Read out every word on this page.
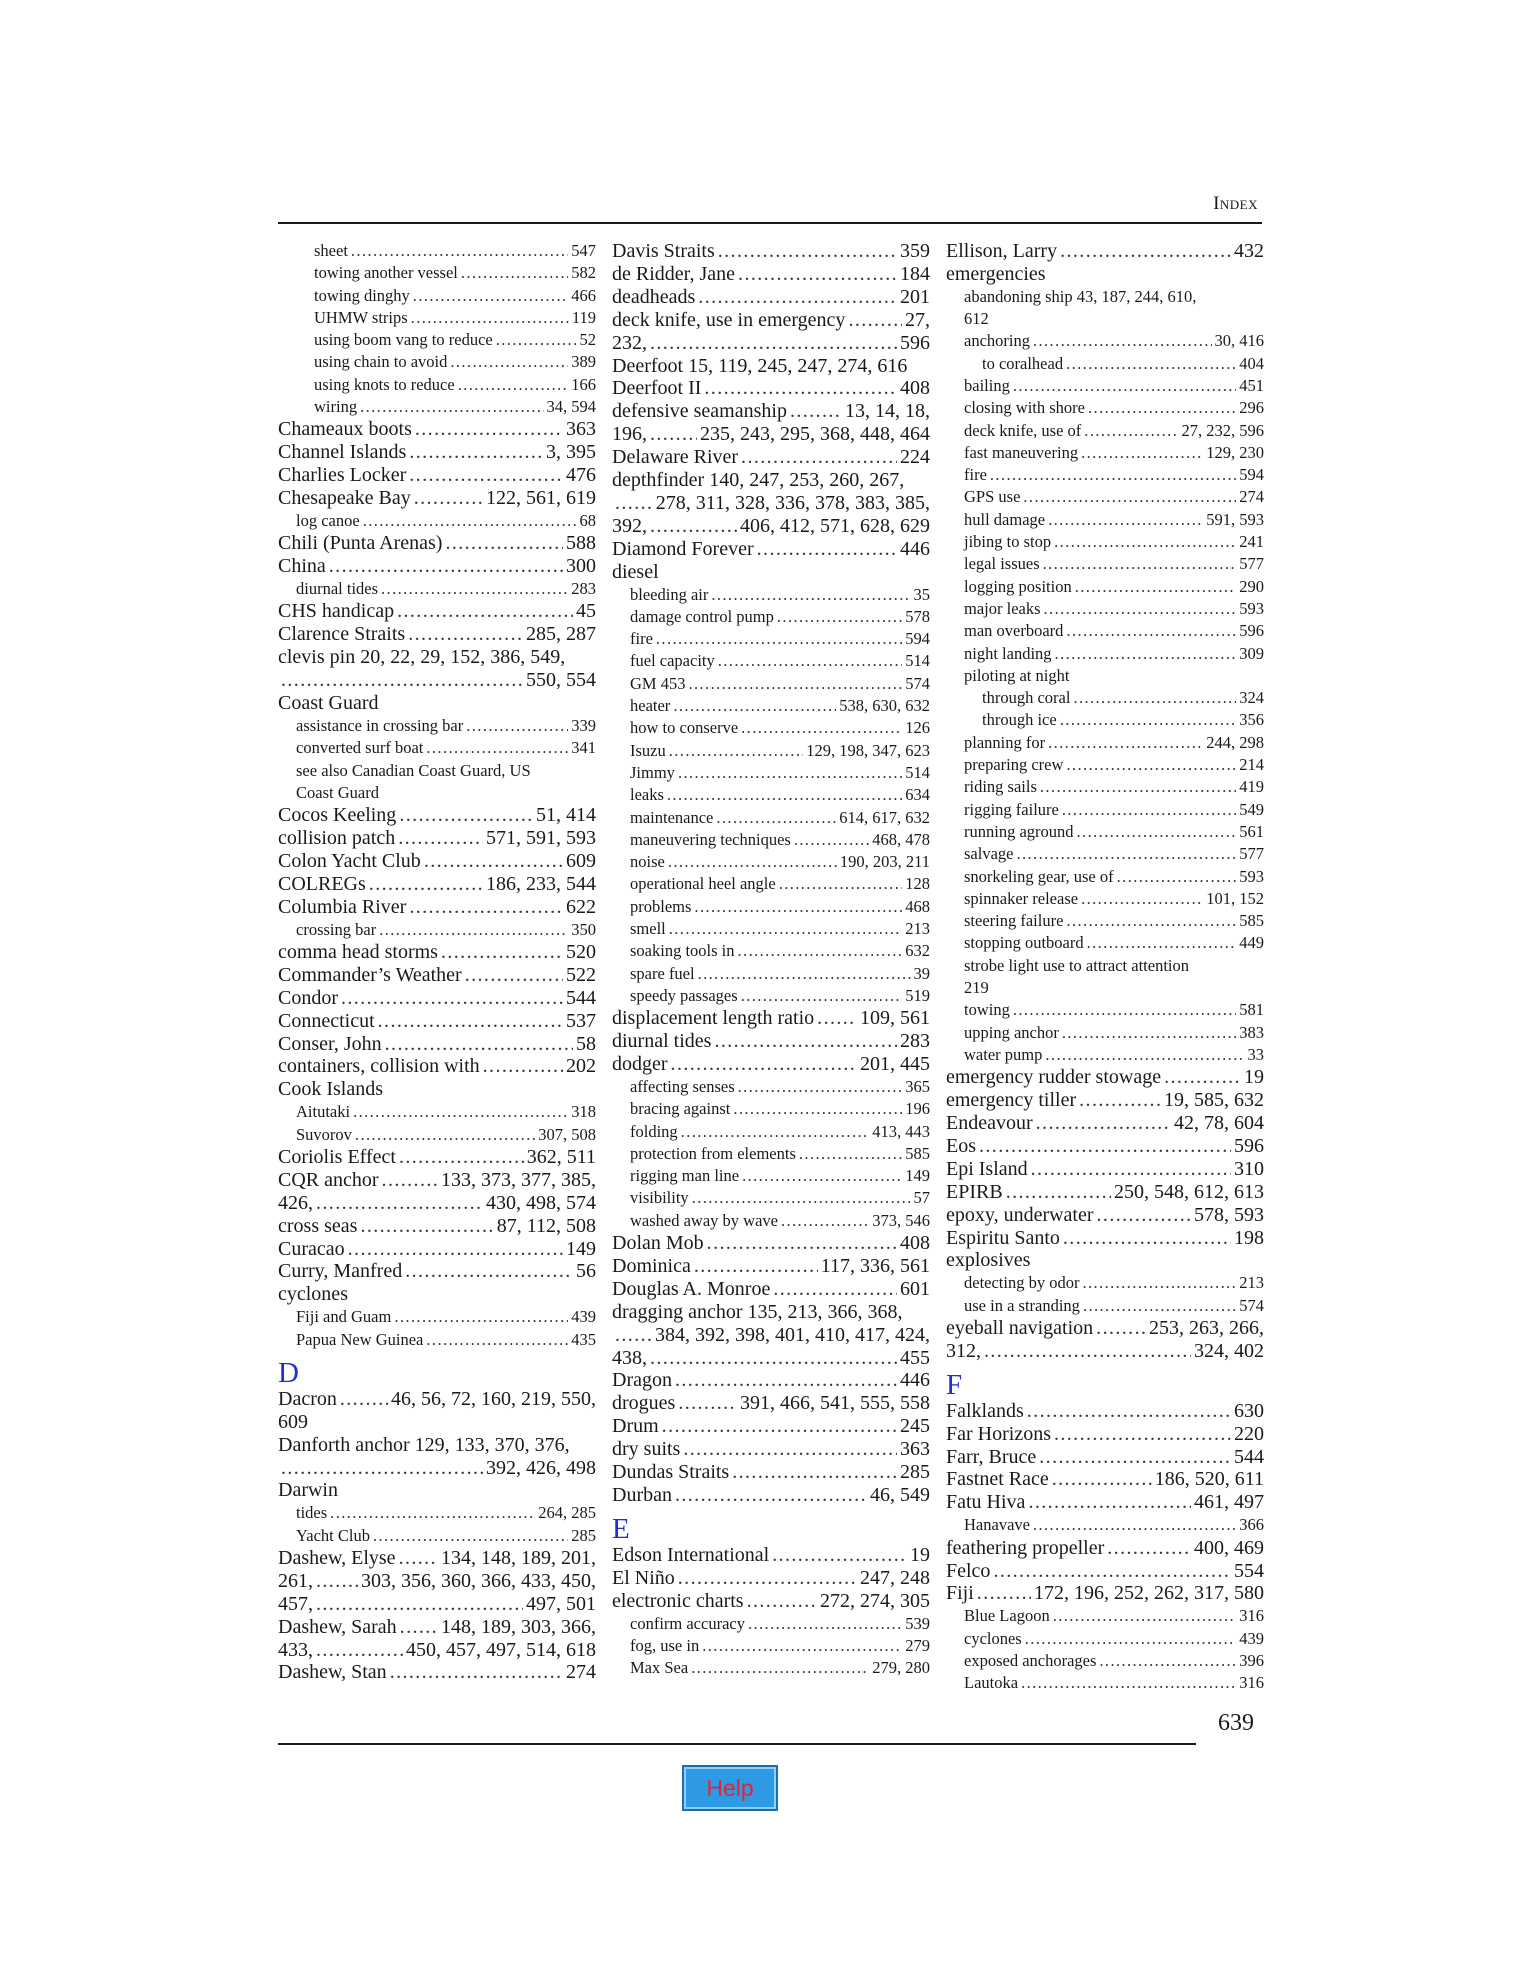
Index
sheet .....	547
towing another vessel .....	582
towing dinghy .....	466
UHMW strips .....	119
using boom vang to reduce .....	52
using chain to avoid .....	389
using knots to reduce .....	166
wiring .....	34, 594
Chameaux boots .....	363
Channel Islands .....	3, 395
Charlies Locker .....	476
Chesapeake Bay .....	122, 561, 619
log canoe .....	68
Chili (Punta Arenas) .....	588
China .....	300
diurnal tides .....	283
CHS handicap .....	45
Clarence Straits .....	285, 287
clevis pin 20, 22, 29, 152, 386, 549,
.....
550, 554
Coast Guard
assistance in crossing bar .....	339
converted surf boat .....	341
see also Canadian Coast Guard, US
Coast Guard
Cocos Keeling .....	51, 414
collision patch .....	571, 591, 593
Colon Yacht Club .....	609
COLREGs .....	186, 233, 544
Columbia River .....	622
crossing bar .....	350
comma head storms .....	520
Commander’s Weather .....	522
Condor .....	544
Connecticut .....	537
Conser, John .....	58
containers, collision with .....	202
Cook Islands
Aitutaki .....	318
Suvorov .....	307, 508
Coriolis Effect .....	362, 511
CQR anchor .....	133, 373, 377, 385,
426, .....	430, 498, 574
cross seas .....	87, 112, 508
Curacao .....	149
Curry, Manfred .....	56
cyclones
Fiji and Guam .....	439
Papua New Guinea .....	435
D
Dacron .....	46, 56, 72, 160, 219, 550,
609
Danforth anchor 129, 133, 370, 376,
.....
392, 426, 498
Darwin
tides .....	264, 285
Yacht Club .....	285
Dashew, Elyse ..... 134, 148, 189, 201,
261, ..... 303, 356, 360, 366, 433, 450,
457, .....	497, 501
Dashew, Sarah ..... 148, 189, 303, 366,
433, .....	450, 457, 497, 514, 618
Dashew, Stan .....	274
Davis Straits .....	359
de Ridder, Jane .....	184
deadheads .....	201
deck knife, use in emergency .....	27,
232, .....	596
Deerfoot 15, 119, 245, 247, 274, 616
Deerfoot II .....	408
defensive seamanship .....	13, 14, 18,
196, .....	235, 243, 295, 368, 448, 464
Delaware River .....	224
depthfinder 140, 247, 253, 260, 267,
.....
278, 311, 328, 336, 378, 383, 385,
392, .....	406, 412, 571, 628, 629
Diamond Forever .....	446
diesel
bleeding air .....	35
damage control pump .....	578
fire .....	594
fuel capacity .....	514
GM 453 .....	574
heater .....	538, 630, 632
how to conserve .....	126
Isuzu .....	129, 198, 347, 623
Jimmy .....	514
leaks .....	634
maintenance .....	614, 617, 632
maneuvering techniques .....	468, 478
noise .....	190, 203, 211
operational heel angle .....	128
problems .....	468
smell .....	213
soaking tools in .....	632
spare fuel .....	39
speedy passages .....	519
displacement length ratio ..... 109, 561
diurnal tides .....	283
dodger .....	201, 445
affecting senses .....	365
bracing against .....	196
folding .....	413, 443
protection from elements .....	585
rigging man line .....	149
visibility .....	57
washed away by wave .....	373, 546
Dolan Mob .....	408
Dominica .....	117, 336, 561
Douglas A. Monroe .....	601
dragging anchor 135, 213, 366, 368,
.....
384, 392, 398, 401, 410, 417, 424,
438, .....	455
Dragon .....	446
drogues .....	391, 466, 541, 555, 558
Drum .....	245
dry suits .....	363
Dundas Straits .....	285
Durban .....	46, 549
E
Edson International .....	19
El Niño .....	247, 248
electronic charts .....	272, 274, 305
confirm accuracy .....	539
fog, use in .....	279
Max Sea .....	279, 280
Ellison, Larry .....	432
emergencies
abandoning ship 43, 187, 244, 610,
612
anchoring .....	30, 416
to coralhead .....	404
bailing .....	451
closing with shore .....	296
deck knife, use of .....	27, 232, 596
fast maneuvering .....	129, 230
fire .....	594
GPS use .....	274
hull damage .....	591, 593
jibing to stop .....	241
legal issues .....	577
logging position .....	290
major leaks .....	593
man overboard .....	596
night landing .....	309
piloting at night
through coral .....	324
through ice .....	356
planning for .....	244, 298
preparing crew .....	214
riding sails .....	419
rigging failure .....	549
running aground .....	561
salvage .....	577
snorkeling gear, use of .....	593
spinnaker release .....	101, 152
steering failure .....	585
stopping outboard .....	449
strobe light use to attract attention
219
towing .....	581
upping anchor .....	383
water pump .....	33
emergency rudder stowage .....	19
emergency tiller .....	19, 585, 632
Endeavour .....	42, 78, 604
Eos .....	596
Epi Island .....	310
EPIRB .....	250, 548, 612, 613
epoxy, underwater .....	578, 593
Espiritu Santo .....	198
explosives
detecting by odor .....	213
use in a stranding .....	574
eyeball navigation .....	253, 263, 266,
312, .....	324, 402
F
Falklands .....	630
Far Horizons .....	220
Farr, Bruce .....	544
Fastnet Race .....	186, 520, 611
Fatu Hiva .....	461, 497
Hanavave .....	366
feathering propeller .....	400, 469
Felco .....	554
Fiji .....	172, 196, 252, 262, 317, 580
Blue Lagoon .....	316
cyclones .....	439
exposed anchorages .....	396
Lautoka .....	316
639
Help
